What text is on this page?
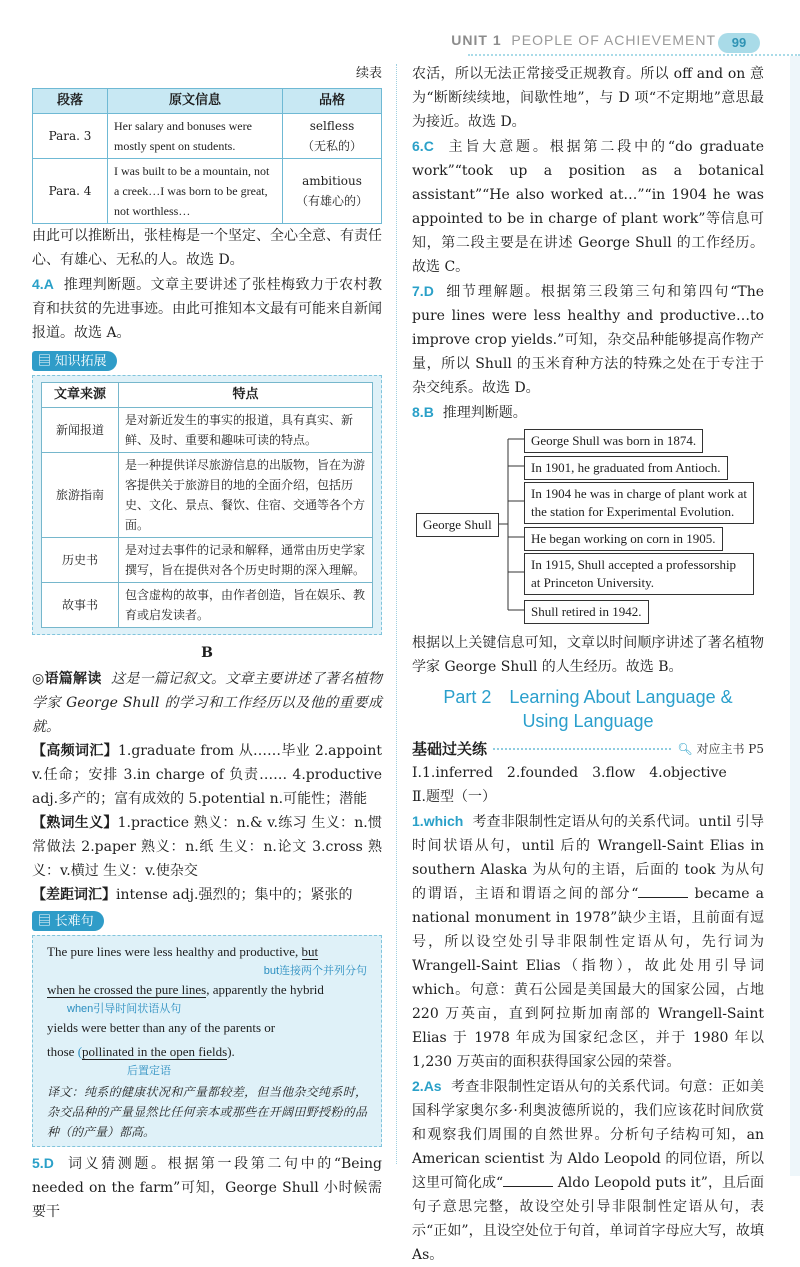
UNIT 1 PEOPLE OF ACHIEVEMENT	99
续表
段落	原文信息	品格
Para. 3	Her salary and bonuses were mostly spent on students.	selfless
（无私的）
Para. 4	I was built to be a mountain, not a creek…I was born to be great, not worthless…	ambitious
（有雄心的）

由此可以推断出，张桂梅是一个坚定、全心全意、有责任心、有雄心、无私的人。故选 D。

4.A 推理判断题。文章主要讲述了张桂梅致力于农村教育和扶贫的先进事迹。由此可推知本文最有可能来自新闻报道。故选 A。

▤ 知识拓展
文章来源	特点
新闻报道	是对新近发生的事实的报道，具有真实、新鲜、及时、重要和趣味可读的特点。
旅游指南	是一种提供详尽旅游信息的出版物，旨在为游客提供关于旅游目的地的全面介绍，包括历史、文化、景点、餐饮、住宿、交通等各个方面。
历史书	是对过去事件的记录和解释，通常由历史学家撰写，旨在提供对各个历史时期的深入理解。
故事书	包含虚构的故事，由作者创造，旨在娱乐、教育或启发读者。
B

◎语篇解读 这是一篇记叙文。文章主要讲述了著名植物学家 George Shull 的学习和工作经历以及他的重要成就。

【高频词汇】1.graduate from 从……毕业 2.appoint v.任命；安排 3.in charge of 负责…… 4.productive adj.多产的；富有成效的 5.potential n.可能性；潜能

【熟词生义】1.practice 熟义：n.& v.练习 生义：n.惯常做法 2.paper 熟义：n.纸 生义：n.论文 3.cross 熟义：v.横过 生义：v.使杂交

【差距词汇】intense adj.强烈的；集中的；紧张的

▤ 长难句
The pure lines were less healthy and productive, but
but连接两个并列分句
when he crossed the pure lines, apparently the hybrid
when引导时间状语从句
yields were better than any of the parents or
those (pollinated in the open fields).
后置定语

译文：纯系的健康状况和产量都较差，但当他杂交纯系时，杂交品种的产量显然比任何亲本或那些在开阔田野授粉的品种（的产量）都高。

5.D 词义猜测题。根据第一段第二句中的“Being needed on the farm”可知，George Shull 小时候需要干

农活，所以无法正常接受正规教育。所以 off and on 意为“断断续续地，间歇性地”，与 D 项“不定期地”意思最为接近。故选 D。

6.C 主旨大意题。根据第二段中的“do graduate work”“took up a position as a botanical assistant”“He also worked at…”“in 1904 he was appointed to be in charge of plant work”等信息可知，第二段主要是在讲述 George Shull 的工作经历。故选 C。

7.D 细节理解题。根据第三段第三句和第四句“The pure lines were less healthy and productive…to improve crop yields.”可知，杂交品种能够提高作物产量，所以 Shull 的玉米育种方法的特殊之处在于专注于杂交纯系。故选 D。

8.B 推理判断题。

George Shull
George Shull was born in 1874.
In 1901, he graduated from Antioch.
In 1904 he was in charge of plant work at the station for Experimental Evolution.
He began working on corn in 1905.
In 1915, Shull accepted a professorship at Princeton University.
Shull retired in 1942.

根据以上关键信息可知，文章以时间顺序讲述了著名植物学家 George Shull 的人生经历。故选 B。

Part 2　Learning About Language &
Using Language
基础过关练	🔍︎ 对应主书 P5

Ⅰ.1.inferred　2.founded　3.flow　4.objective

Ⅱ.题型（一）

1.which 考查非限制性定语从句的关系代词。until 引导时间状语从句，until 后的 Wrangell-Saint Elias in southern Alaska 为从句的主语，后面的 took 为从句的谓语，主语和谓语之间的部分“	became a national monument in 1978”缺少主语，且前面有逗号，所以设空处引导非限制性定语从句，先行词为 Wrangell-Saint Elias（指物），故此处用引导词 which。句意：黄石公园是美国最大的国家公园，占地 220 万英亩，直到阿拉斯加南部的 Wrangell-Saint Elias 于 1978 年成为国家纪念区，并于 1980 年以 1,230 万英亩的面积获得国家公园的荣誉。

2.As 考查非限制性定语从句的关系代词。句意：正如美国科学家奥尔多·利奥波德所说的，我们应该花时间欣赏和观察我们周围的自然世界。分析句子结构可知，an American scientist 为 Aldo Leopold 的同位语，所以这里可简化成“	Aldo Leopold puts it”，且后面句子意思完整，故设空处引导非限制性定语从句，表示“正如”，且设空处位于句首，单词首字母应大写，故填 As。
